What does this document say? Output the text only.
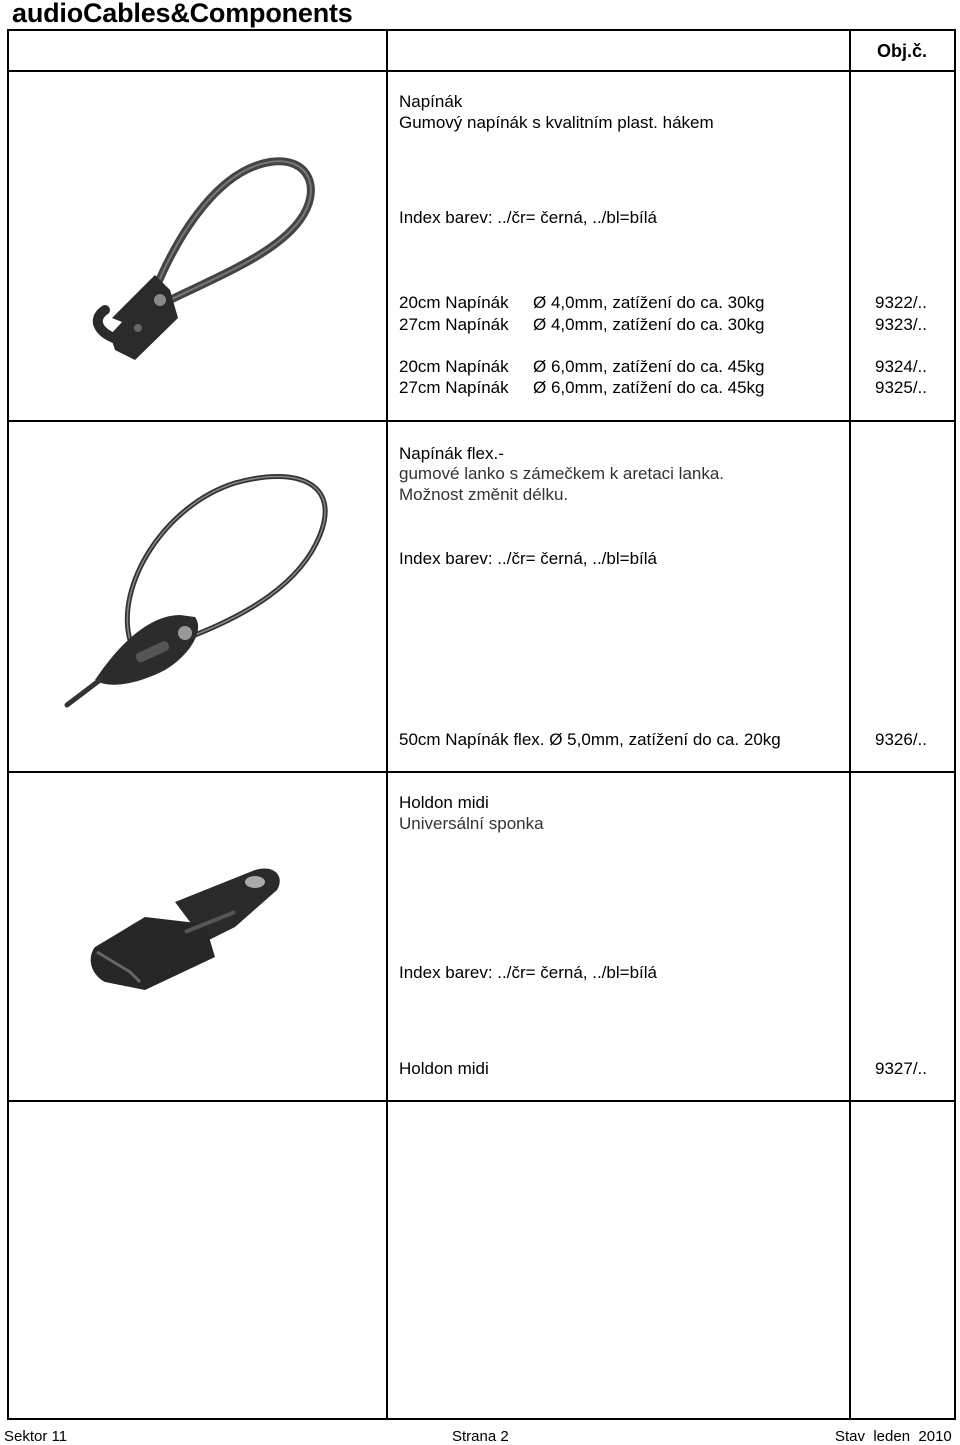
audioCables&Components
Obj.č.
Napínák
Gumový napínák s kvalitním plast. hákem
Index barev: ../čr= černá, ../bl=bílá
20cm Napínák Ø 4,0mm, zatížení do ca. 30kg	9322/..
27cm Napínák Ø 4,0mm, zatížení do ca. 30kg	9323/..
20cm Napínák Ø 6,0mm, zatížení do ca. 45kg	9324/..
27cm Napínák Ø 6,0mm, zatížení do ca. 45kg	9325/..
Napínák flex.-
gumové lanko s zámečkem k aretaci lanka.
Možnost změnit délku.
Index barev: ../čr= černá, ../bl=bílá
50cm Napínák flex. Ø 5,0mm, zatížení do ca. 20kg	9326/..
Holdon midi
Universální sponka
Index barev: ../čr= černá, ../bl=bílá
Holdon midi	9327/..
Sektor 11	Strana 2	Stav  leden  2010
